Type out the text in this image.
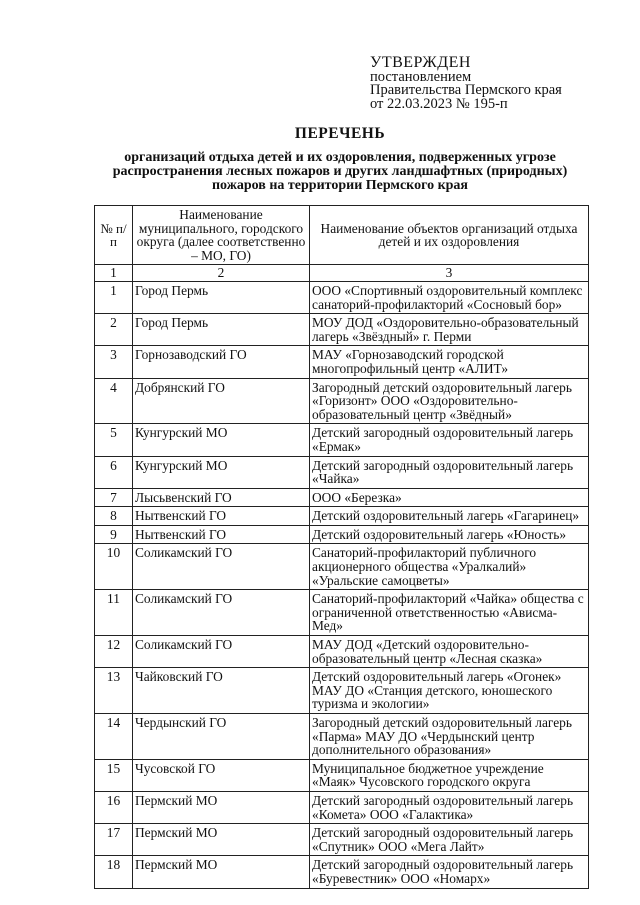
УТВЕРЖДЕН
постановлением
Правительства Пермского края
от 22.03.2023 № 195-п
ПЕРЕЧЕНЬ
организаций отдыха детей и их оздоровления, подверженных угрозе распространения лесных пожаров и других ландшафтных (природных) пожаров на территории Пермского края
№ п/п	Наименование муниципального, городского округа (далее соответственно – МО, ГО)	Наименование объектов организаций отдыха детей и их оздоровления
1	2	3
1	Город Пермь	ООО «Спортивный оздоровительный комплекс санаторий-профилакторий «Сосновый бор»
2	Город Пермь	МОУ ДОД «Оздоровительно-образовательный лагерь «Звёздный» г. Перми
3	Горнозаводский ГО	МАУ «Горнозаводский городской многопрофильный центр «АЛИТ»
4	Добрянский ГО	Загородный детский оздоровительный лагерь «Горизонт» ООО «Оздоровительно-образовательный центр «Звёдный»
5	Кунгурский МО	Детский загородный оздоровительный лагерь «Ермак»
6	Кунгурский МО	Детский загородный оздоровительный лагерь «Чайка»
7	Лысьвенский ГО	ООО «Березка»
8	Нытвенский ГО	Детский оздоровительный лагерь «Гагаринец»
9	Нытвенский ГО	Детский оздоровительный лагерь «Юность»
10	Соликамский ГО	Санаторий-профилакторий публичного акционерного общества «Уралкалий» «Уральские самоцветы»
11	Соликамский ГО	Санаторий-профилакторий «Чайка» общества с ограниченной ответственностью «Ависма-Мед»
12	Соликамский ГО	МАУ ДОД «Детский оздоровительно-образовательный центр «Лесная сказка»
13	Чайковский ГО	Детский оздоровительный лагерь «Огонек» МАУ ДО «Станция детского, юношеского туризма и экологии»
14	Чердынский ГО	Загородный детский оздоровительный лагерь «Парма» МАУ ДО «Чердынский центр дополнительного образования»
15	Чусовской ГО	Муниципальное бюджетное учреждение «Маяк» Чусовского городского округа
16	Пермский МО	Детский загородный оздоровительный лагерь «Комета» ООО «Галактика»
17	Пермский МО	Детский загородный оздоровительный лагерь «Спутник» ООО «Мега Лайт»
18	Пермский МО	Детский загородный оздоровительный лагерь «Буревестник» ООО «Номарх»
